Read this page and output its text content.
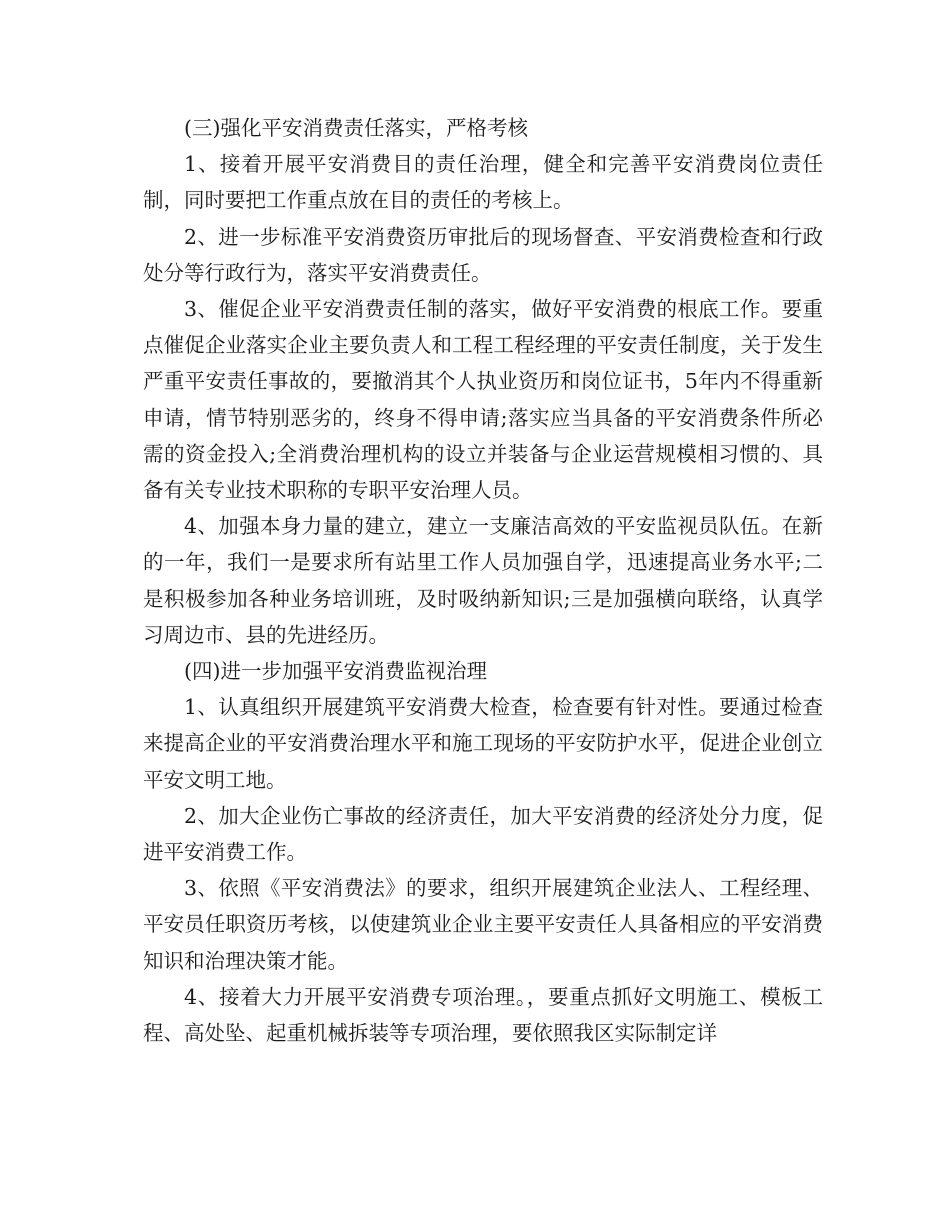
(三)强化平安消费责任落实，严格考核

1、接着开展平安消费目的责任治理，健全和完善平安消费岗位责任制，同时要把工作重点放在目的责任的考核上。

2、进一步标准平安消费资历审批后的现场督查、平安消费检查和行政处分等行政行为，落实平安消费责任。

3、催促企业平安消费责任制的落实，做好平安消费的根底工作。要重点催促企业落实企业主要负责人和工程工程经理的平安责任制度，关于发生严重平安责任事故的，要撤消其个人执业资历和岗位证书，5年内不得重新申请，情节特别恶劣的，终身不得申请;落实应当具备的平安消费条件所必需的资金投入;全消费治理机构的设立并装备与企业运营规模相习惯的、具备有关专业技术职称的专职平安治理人员。

4、加强本身力量的建立，建立一支廉洁高效的平安监视员队伍。在新的一年，我们一是要求所有站里工作人员加强自学，迅速提高业务水平;二是积极参加各种业务培训班，及时吸纳新知识;三是加强横向联络，认真学习周边市、县的先进经历。

(四)进一步加强平安消费监视治理

1、认真组织开展建筑平安消费大检查，检查要有针对性。要通过检查来提高企业的平安消费治理水平和施工现场的平安防护水平，促进企业创立平安文明工地。

2、加大企业伤亡事故的经济责任，加大平安消费的经济处分力度，促进平安消费工作。

3、依照《平安消费法》的要求，组织开展建筑企业法人、工程经理、平安员任职资历考核，以使建筑业企业主要平安责任人具备相应的平安消费知识和治理决策才能。

4、接着大力开展平安消费专项治理。，要重点抓好文明施工、模板工程、高处坠、起重机械拆装等专项治理，要依照我区实际制定详
